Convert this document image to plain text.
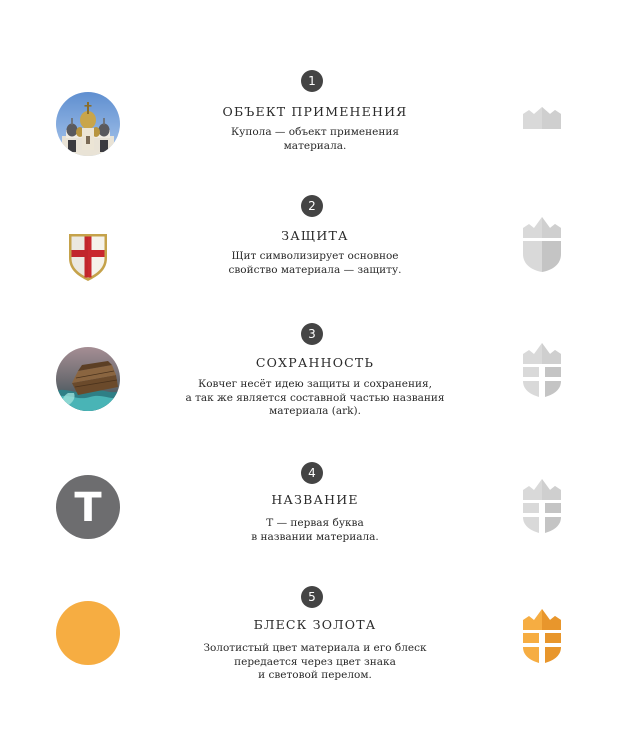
1
ОБЪЕКТ ПРИМЕНЕНИЯ
Купола — объект применения
материала.
2
ЗАЩИТА
Щит символизирует основное
свойство материала — защиту.
3
СОХРАННОСТЬ
Ковчег несёт идею защиты и сохранения,
а так же является составной частью названия
материала (ark).
4
НАЗВАНИЕ
Т — первая буква
в названии материала.
T
5
БЛЕСК ЗОЛОТА
Золотистый цвет материала и его блеск
передается через цвет знака
и световой перелом.
